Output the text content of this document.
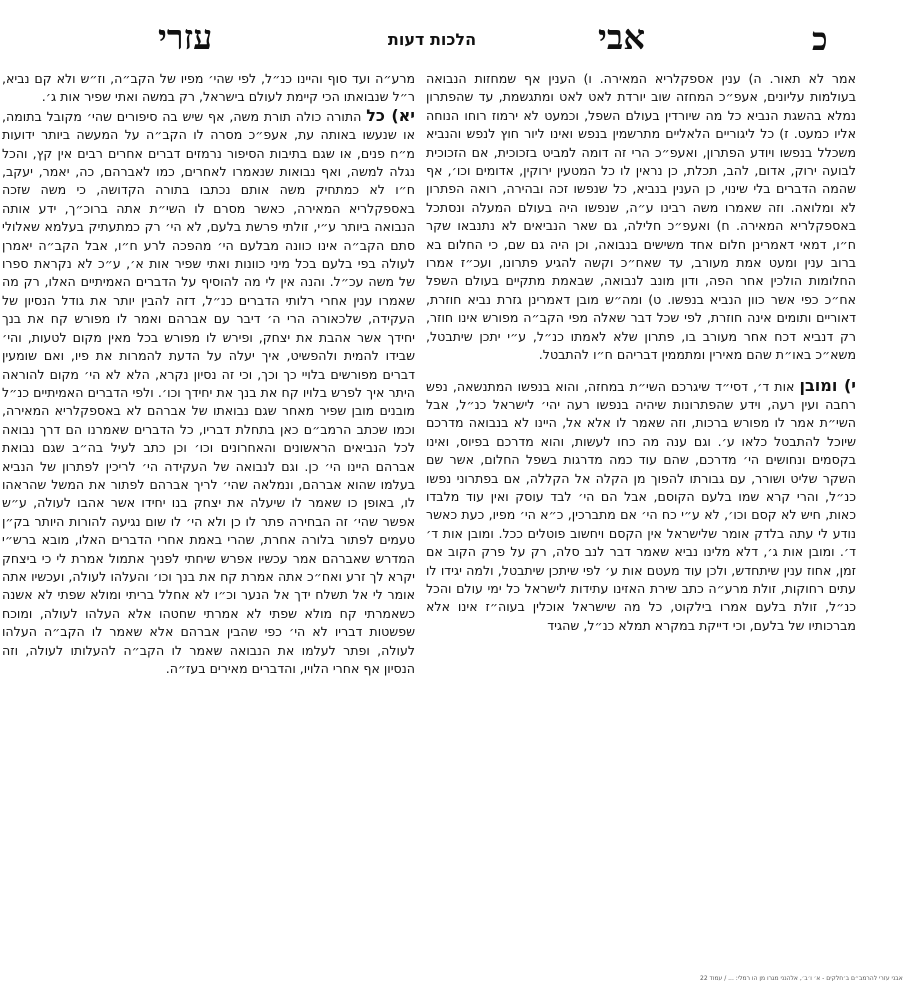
עזרי	הלכות דעות	אבי	כ

אמר לא תאור. ה) ענין אספקלריא המאירה. ו) הענין אף שמחזות הנבואה בעולמות עליונים, אעפ״כ המחזה שוב יורדת לאט לאט ומתגשמת, עד שהפתרון נמלא בהשגת הנביא כל מה שיורדין בעולם השפל, וכמעט לא ירמוז רוחו הנוחה אליו כמעט. ז) כל ליגוריים הלאליים מתרשמין בנפש ואינו ליור חוץ לנפש והנביא משכלל בנפשו ויודע הפתרון, ואעפ״כ הרי זה דומה למביט בזכוכית, אם הזכוכית לבועה ירוק, אדום, להב, תכלת, כן נראין לו כל המטעין ירוקין, אדומים וכו׳, אף שהמה הדברים בלי שינוי, כן הענין בנביא, כל שנפשו זכה ובהירה, רואה הפתרון לא ומלואה. וזה שאמרו משה רבינו ע״ה, שנפשו היה בעולם המעלה ונסתכל באספקלריא המאירה. ח) ואעפ״כ חלילה, גם שאר הנביאים לא נתנבאו שקר ח״ו, דמאי דאמרינן חלום אחד משישים בנבואה, וכן היה גם שם, כי החלום בא ברוב ענין ומעט אמת מעורב, עד שאח״כ וקשה להגיע פתרונו, ועכ״ז אמרו החלומות הולכין אחר הפה, ודון מונב לנבואה, שבאמת מתקיים בעולם השפל אח״כ כפי אשר כוון הנביא בנפשו. ט) ומה״ש מובן דאמרינן גזרת נביא חוזרת, דאוריים ותומים אינה חוזרת, לפי שכל דבר שאלה מפי הקב״ה מפורש אינו חוזר, רק דנביא דכח אחר מעורב בו, פתרון שלא לאמתו כנ״ל, ע״י יתכן שיתבטל, משא״כ באו״ת שהם מאירין ומתממין דבריהם ח״ו להתבטל.

י) ומובן אות ד׳, דסי״ד שיגרכם השי״ת במחזה, והוא בנפשו המתנשאה, נפש רחבה ועין רעה, וידע שהפתרונות שיהיה בנפשו רעה יהי׳ לישראל כנ״ל, אבל השי״ת אמר לו מפורש ברכות, וזה שאמר לו אלא אל, היינו לא בנבואה מדרכם שיוכל להתבטל כלאו ע׳. וגם ענה מה כחו לעשות, והוא מדרכם בפיוס, ואינו בקסמים ונחושים הי׳ מדרכם, שהם עוד כמה מדרגות בשפל החלום, אשר שם השקר שליט ושורר, עם גבורתו להפוך מן הקלה אל הקללה, אם בפתרוני נפשו כנ״ל, והרי קרא שמו בלעם הקוסם, אבל הם הי׳ לבד עוסק ואין עוד מלבדו כאות, חיש לא קסם וכו׳, לא ע״י כח הי׳ אם מתברכין, כ״א הי׳ מפיו, כעת כאשר נודע לי עתה בלדק אומר שלישראל אין הקסם ויחשוב פוטלים ככל. ומובן אות ד׳ ד׳. ומובן אות ג׳, דלא מלינו נביא שאמר דבר לנב סלה, רק על פרק הקוב אם זמן, אחוז ענין שיתחדש, ולכן עוד מעטם אות ע׳ לפי שיתכן שיתבטל, ולמה יגידו לו עתים רחוקות, זולת מרע״ה כתב שירת האזינו עתידות לישראל כל ימי עולם והכל כנ״ל, זולת בלעם אמרו בילקוט, כל מה שישראל אוכלין בעוה״ז אינו אלא מברכותיו של בלעם, וכי דייקת במקרא תמלא כנ״ל, שהגיד

מרע״ה ועד סוף והיינו כנ״ל, לפי שהי׳ מפיו של הקב״ה, וז״ש ולא קם נביא, ר״ל שנבואתו הכי קיימת לעולם בישראל, רק במשה ואתי שפיר אות ג׳.

יא) כל התורה כולה תורת משה, אף שיש בה סיפורים שהי׳ מקובל בתומה, או שנעשו באותה עת, אעפ״כ מסרה לו הקב״ה על המעשה ביותר ידועות מ״ח פנים, או שגם בתיבות הסיפור נרמזים דברים אחרים רבים אין קץ, והכל נגלה למשה, ואף נבואות שנאמרו לאחרים, כמו לאברהם, כה, יאמר, יעקב, ח״ו לא כמתחיק משה אותם נכתבו בתורה הקדושה, כי משה שזכה באספקלריא המאירה, כאשר מסרם לו השי״ת אתה ברוכ״ך, ידע אותה הנבואה ביותר ע״י, זולתי פרשת בלעם, לא הי׳ רק כמתעתיק בעלמא שאלולי סתם הקב״ה אינו כוונה מבלעם הי׳ מהפכה לרע ח״ו, אבל הקב״ה יאמרן לעולה בפי בלעם בכל מיני כוונות ואתי שפיר אות א׳, ע״כ לא נקראת ספרו של משה עכ״ל. והנה אין לי מה להוסיף על הדברים האמיתיים האלו, רק מה שאמרו ענין אחרי רלותי הדברים כנ״ל, דזה להבין יותר את גודל הנסיון של העקידה, שלכאורה הרי ה׳ דיבר עם אברהם ואמר לו מפורש קח את בנך יחידך אשר אהבת את יצחק, ופירש לו מפורש בכל מאין מקום לטעות, והי׳ שבידו להמית ולהפשיט, איך יעלה על הדעת להמרות את פיו, ואם שומעין דברים מפורשים בלויי כך וכך, וכי זה נסיון נקרא, הלא לא הי׳ מקום להוראה היתר איך לפרש בלויו קח את בנך את יחידך וכו׳. ולפי הדברים האמיתיים כנ״ל מובנים מובן שפיר מאחר שגם נבואתו של אברהם לא באספקלריא המאירה, וכמו שכתב הרמב״ם כאן בתחלת דבריו, כל הדברים שאמרנו הם דרך נבואה לכל הנביאים הראשונים והאחרונים וכו׳ וכן כתב לעיל בה״ב שגם נבואת אברהם היינו הי׳ כן. וגם לנבואה של העקידה הי׳ לריכין לפתרון של הנביא בעלמו שהוא אברהם, ונמלאה שהי׳ לריך אברהם לפתור את המשל שהראהו לו, באופן כו שאמר לו שיעלה את יצחק בנו יחידו אשר אהבו לעולה, ע״ש אפשר שהי׳ זה הבחירה פתר לו כן ולא הי׳ לו שום נגיעה להורות היותר בק״ן טעמים לפתור בלורה אחרת, שהרי באמת אחרי הדברים האלו, מובא ברש״י המדרש שאברהם אמר עכשיו אפרש שיחתי לפניך אתמול אמרת לי כי ביצחק יקרא לך זרע ואח״כ אתה אמרת קח את בנך וכו׳ והעלהו לעולה, ועכשיו אתה אומר לי אל תשלח ידך אל הנער וכ״ו לא אחלל בריתי ומולא שפתי לא אשנה כשאמרתי קח מולא שפתי לא אמרתי שחטהו אלא העלהו לעולה, ומוכח שפשטות דבריו לא הי׳ כפי שהבין אברהם אלא שאמר לו הקב״ה העלהו לעולה, ופתר לעלמו את הנבואה שאמר לו הקב״ה להעלותו לעולה, וזה הנסיון אף אחרי הלויו, והדברים מאירים בעז״ה.

אבני עזרי להרמב״ם ב׳חלקים - א׳ ו׳ב׳, אלהנני מגרו מן הו רמלי: ... / עמוד 22
